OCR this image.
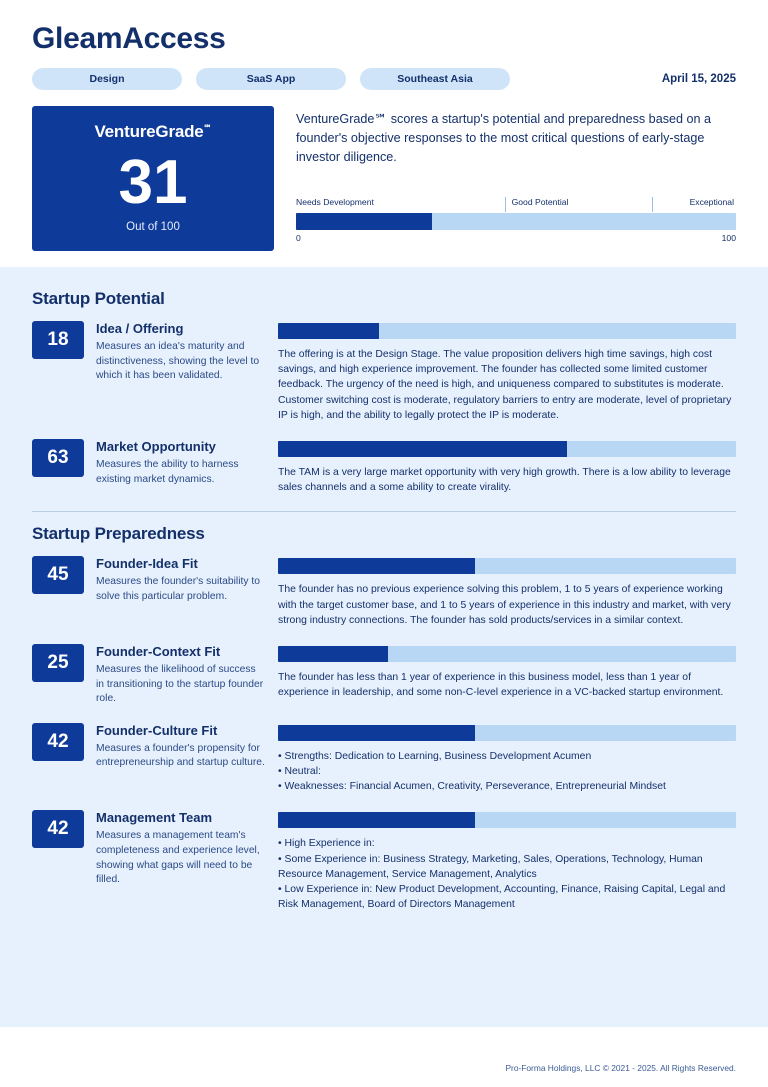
GleamAccess
Design	SaaS App	Southeast Asia	April 15, 2025
VentureGrade℠
31
Out of 100
VentureGrade℠ scores a startup's potential and preparedness based on a founder's objective responses to the most critical questions of early-stage investor diligence.
Needs Development	Good Potential	Exceptional
0	100
Startup Potential
18
Idea / Offering
Measures an idea's maturity and distinctiveness, showing the level to which it has been validated.
The offering is at the Design Stage. The value proposition delivers high time savings, high cost savings, and high experience improvement. The founder has collected some limited customer feedback. The urgency of the need is high, and uniqueness compared to substitutes is moderate. Customer switching cost is moderate, regulatory barriers to entry are moderate, level of proprietary IP is high, and the ability to legally protect the IP is moderate.
63
Market Opportunity
Measures the ability to harness existing market dynamics.
The TAM is a very large market opportunity with very high growth. There is a low ability to leverage sales channels and a some ability to create virality.
Startup Preparedness
45
Founder-Idea Fit
Measures the founder's suitability to solve this particular problem.
The founder has no previous experience solving this problem, 1 to 5 years of experience working with the target customer base, and 1 to 5 years of experience in this industry and market, with very strong industry connections. The founder has sold products/services in a similar context.
25
Founder-Context Fit
Measures the likelihood of success in transitioning to the startup founder role.
The founder has less than 1 year of experience in this business model, less than 1 year of experience in leadership, and some non-C-level experience in a VC-backed startup environment.
42
Founder-Culture Fit
Measures a founder's propensity for entrepreneurship and startup culture.
• Strengths: Dedication to Learning, Business Development Acumen
• Neutral:
• Weaknesses: Financial Acumen, Creativity, Perseverance, Entrepreneurial Mindset
42
Management Team
Measures a management team's completeness and experience level, showing what gaps will need to be filled.
• High Experience in:
• Some Experience in: Business Strategy, Marketing, Sales, Operations, Technology, Human Resource Management, Service Management, Analytics
• Low Experience in: New Product Development, Accounting, Finance, Raising Capital, Legal and Risk Management, Board of Directors Management
Pro-Forma Holdings, LLC © 2021 - 2025. All Rights Reserved.
